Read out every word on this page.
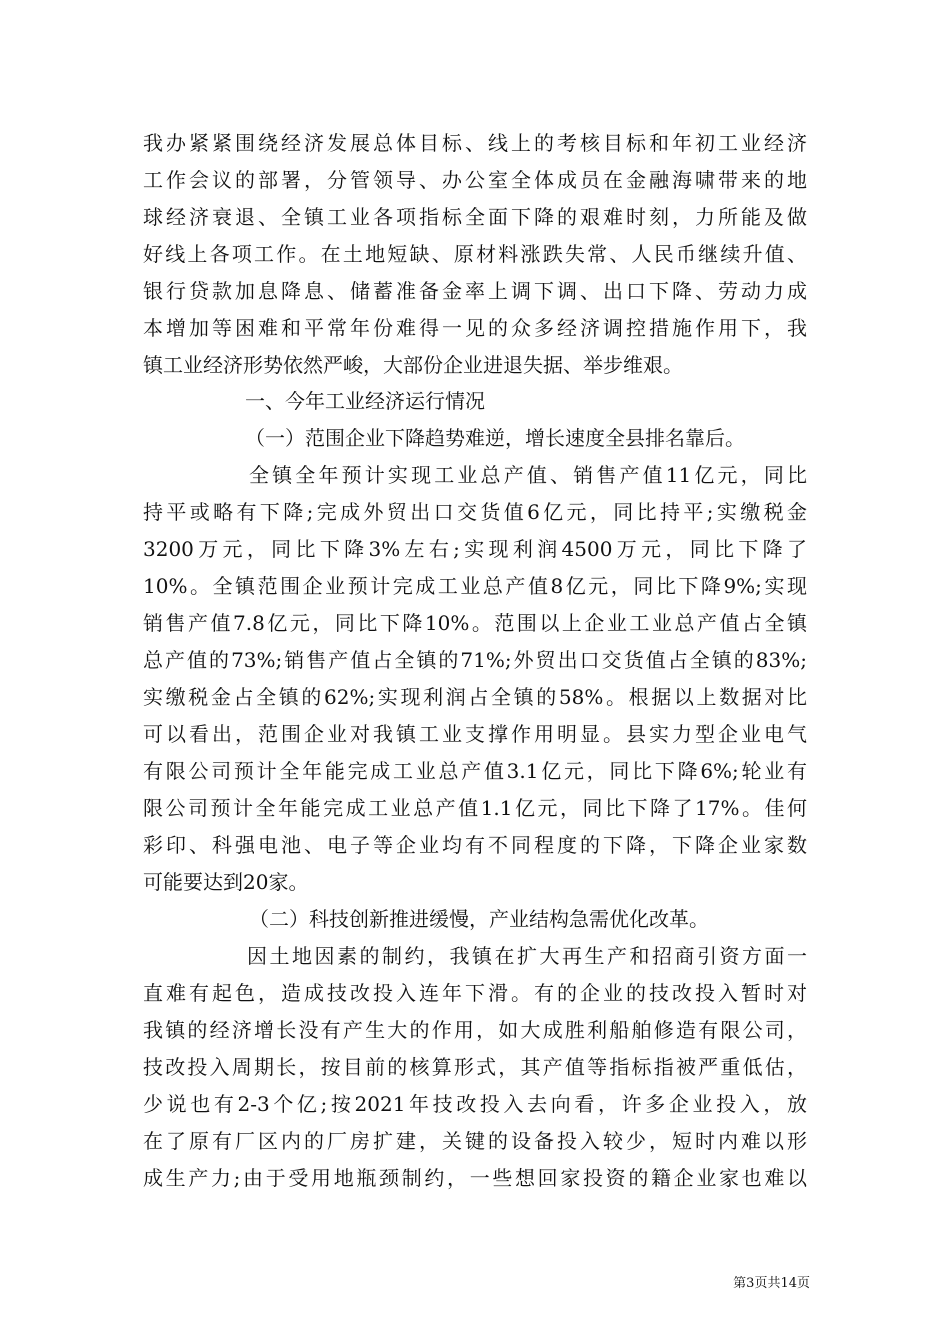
我办紧紧围绕经济发展总体目标、线上的考核目标和年初工业经济
工作会议的部署，分管领导、办公室全体成员在金融海啸带来的地
球经济衰退、全镇工业各项指标全面下降的艰难时刻，力所能及做
好线上各项工作。在土地短缺、原材料涨跌失常、人民币继续升值、
银行贷款加息降息、储蓄准备金率上调下调、出口下降、劳动力成
本增加等困难和平常年份难得一见的众多经济调控措施作用下，我
镇工业经济形势依然严峻，大部份企业进退失据、举步维艰。
一、今年工业经济运行情况
（一）范围企业下降趋势难逆，增长速度全县排名靠后。
全镇全年预计实现工业总产值、销售产值11亿元，同比
持平或略有下降;完成外贸出口交货值6亿元，同比持平;实缴税金
3200万元，同比下降3%左右;实现利润4500万元，同比下降了
10%。全镇范围企业预计完成工业总产值8亿元，同比下降9%;实现
销售产值7.8亿元，同比下降10%。范围以上企业工业总产值占全镇
总产值的73%;销售产值占全镇的71%;外贸出口交货值占全镇的83%;
实缴税金占全镇的62%;实现利润占全镇的58%。根据以上数据对比
可以看出，范围企业对我镇工业支撑作用明显。县实力型企业电气
有限公司预计全年能完成工业总产值3.1亿元，同比下降6%;轮业有
限公司预计全年能完成工业总产值1.1亿元，同比下降了17%。佳何
彩印、科强电池、电子等企业均有不同程度的下降，下降企业家数
可能要达到20家。
（二）科技创新推进缓慢，产业结构急需优化改革。
因土地因素的制约，我镇在扩大再生产和招商引资方面一
直难有起色，造成技改投入连年下滑。有的企业的技改投入暂时对
我镇的经济增长没有产生大的作用，如大成胜利船舶修造有限公司，
技改投入周期长，按目前的核算形式，其产值等指标指被严重低估，
少说也有2-3个亿;按2021年技改投入去向看，许多企业投入，放
在了原有厂区内的厂房扩建，关键的设备投入较少，短时内难以形
成生产力;由于受用地瓶颈制约，一些想回家投资的籍企业家也难以
第3页共14页
